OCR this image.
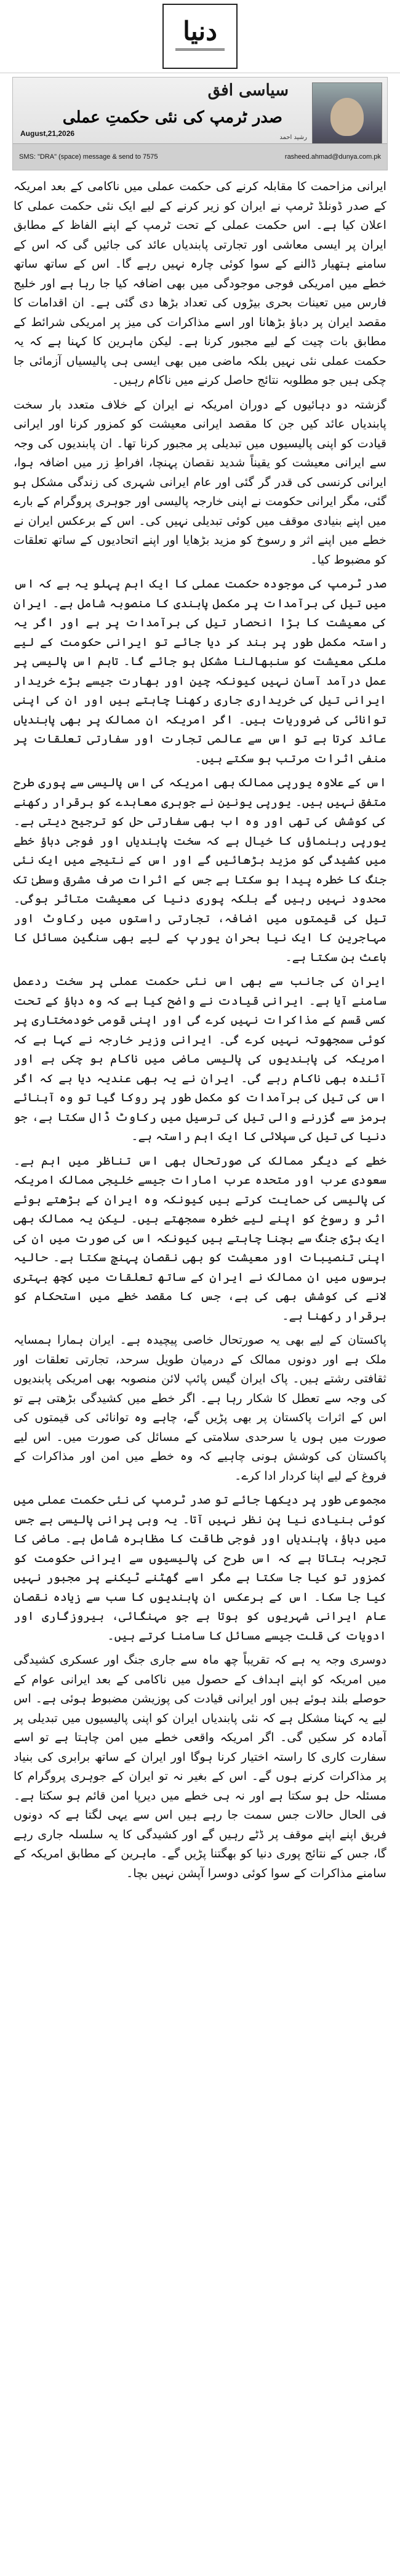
دنیا
سیاسی افق
صدر ٹرمپ کی نئی حکمتِ عملی
رشید احمد
August,21,2026
SMS: "DRA" (space) message & send to 7575	rasheed.ahmad@dunya.com.pk

ایرانی مزاحمت کا مقابلہ کرنے کی حکمت عملی میں ناکامی کے بعد امریکہ کے صدر ڈونلڈ ٹرمپ نے ایران کو زیر کرنے کے لیے ایک نئی حکمت عملی کا اعلان کیا ہے۔ اس حکمت عملی کے تحت ٹرمپ کے اپنے الفاظ کے مطابق ایران پر ایسی معاشی اور تجارتی پابندیاں عائد کی جائیں گی کہ اس کے سامنے ہتھیار ڈالنے کے سوا کوئی چارہ نہیں رہے گا۔ اس کے ساتھ ساتھ خطے میں امریکی فوجی موجودگی میں بھی اضافہ کیا جا رہا ہے اور خلیج فارس میں تعینات بحری بیڑوں کی تعداد بڑھا دی گئی ہے۔ ان اقدامات کا مقصد ایران پر دباؤ بڑھانا اور اسے مذاکرات کی میز پر امریکی شرائط کے مطابق بات چیت کے لیے مجبور کرنا ہے۔ لیکن ماہرین کا کہنا ہے کہ یہ حکمت عملی نئی نہیں بلکہ ماضی میں بھی ایسی ہی پالیسیاں آزمائی جا چکی ہیں جو مطلوبہ نتائج حاصل کرنے میں ناکام رہیں۔

گزشتہ دو دہائیوں کے دوران امریکہ نے ایران کے خلاف متعدد بار سخت پابندیاں عائد کیں جن کا مقصد ایرانی معیشت کو کمزور کرنا اور ایرانی قیادت کو اپنی پالیسیوں میں تبدیلی پر مجبور کرنا تھا۔ ان پابندیوں کی وجہ سے ایرانی معیشت کو یقیناً شدید نقصان پہنچا، افراطِ زر میں اضافہ ہوا، ایرانی کرنسی کی قدر گر گئی اور عام ایرانی شہری کی زندگی مشکل ہو گئی، مگر ایرانی حکومت نے اپنی خارجہ پالیسی اور جوہری پروگرام کے بارے میں اپنے بنیادی موقف میں کوئی تبدیلی نہیں کی۔ اس کے برعکس ایران نے خطے میں اپنے اثر و رسوخ کو مزید بڑھایا اور اپنے اتحادیوں کے ساتھ تعلقات کو مضبوط کیا۔

صدر ٹرمپ کی موجودہ حکمت عملی کا ایک اہم پہلو یہ ہے کہ اس میں تیل کی برآمدات پر مکمل پابندی کا منصوبہ شامل ہے۔ ایران کی معیشت کا بڑا انحصار تیل کی برآمدات پر ہے اور اگر یہ راستہ مکمل طور پر بند کر دیا جائے تو ایرانی حکومت کے لیے ملکی معیشت کو سنبھالنا مشکل ہو جائے گا۔ تاہم اس پالیسی پر عمل درآمد آسان نہیں کیونکہ چین اور بھارت جیسے بڑے خریدار ایرانی تیل کی خریداری جاری رکھنا چاہتے ہیں اور ان کی اپنی توانائی کی ضروریات ہیں۔ اگر امریکہ ان ممالک پر بھی پابندیاں عائد کرتا ہے تو اس سے عالمی تجارت اور سفارتی تعلقات پر منفی اثرات مرتب ہو سکتے ہیں۔

اس کے علاوہ یورپی ممالک بھی امریکہ کی اس پالیسی سے پوری طرح متفق نہیں ہیں۔ یورپی یونین نے جوہری معاہدے کو برقرار رکھنے کی کوشش کی تھی اور وہ اب بھی سفارتی حل کو ترجیح دیتی ہے۔ یورپی رہنماؤں کا خیال ہے کہ سخت پابندیاں اور فوجی دباؤ خطے میں کشیدگی کو مزید بڑھائیں گے اور اس کے نتیجے میں ایک نئی جنگ کا خطرہ پیدا ہو سکتا ہے جس کے اثرات صرف مشرق وسطیٰ تک محدود نہیں رہیں گے بلکہ پوری دنیا کی معیشت متاثر ہوگی۔ تیل کی قیمتوں میں اضافہ، تجارتی راستوں میں رکاوٹ اور مہاجرین کا ایک نیا بحران یورپ کے لیے بھی سنگین مسائل کا باعث بن سکتا ہے۔

ایران کی جانب سے بھی اس نئی حکمت عملی پر سخت ردعمل سامنے آیا ہے۔ ایرانی قیادت نے واضح کیا ہے کہ وہ دباؤ کے تحت کسی قسم کے مذاکرات نہیں کرے گی اور اپنی قومی خودمختاری پر کوئی سمجھوتہ نہیں کرے گی۔ ایرانی وزیر خارجہ نے کہا ہے کہ امریکہ کی پابندیوں کی پالیسی ماضی میں ناکام ہو چکی ہے اور آئندہ بھی ناکام رہے گی۔ ایران نے یہ بھی عندیہ دیا ہے کہ اگر اس کی تیل کی برآمدات کو مکمل طور پر روکا گیا تو وہ آبنائے ہرمز سے گزرنے والی تیل کی ترسیل میں رکاوٹ ڈال سکتا ہے، جو دنیا کی تیل کی سپلائی کا ایک اہم راستہ ہے۔

خطے کے دیگر ممالک کی صورتحال بھی اس تناظر میں اہم ہے۔ سعودی عرب اور متحدہ عرب امارات جیسے خلیجی ممالک امریکہ کی پالیسی کی حمایت کرتے ہیں کیونکہ وہ ایران کے بڑھتے ہوئے اثر و رسوخ کو اپنے لیے خطرہ سمجھتے ہیں۔ لیکن یہ ممالک بھی ایک بڑی جنگ سے بچنا چاہتے ہیں کیونکہ اس کی صورت میں ان کی اپنی تنصیبات اور معیشت کو بھی نقصان پہنچ سکتا ہے۔ حالیہ برسوں میں ان ممالک نے ایران کے ساتھ تعلقات میں کچھ بہتری لانے کی کوشش بھی کی ہے، جس کا مقصد خطے میں استحکام کو برقرار رکھنا ہے۔

پاکستان کے لیے بھی یہ صورتحال خاصی پیچیدہ ہے۔ ایران ہمارا ہمسایہ ملک ہے اور دونوں ممالک کے درمیان طویل سرحد، تجارتی تعلقات اور ثقافتی رشتے ہیں۔ پاک ایران گیس پائپ لائن منصوبہ بھی امریکی پابندیوں کی وجہ سے تعطل کا شکار رہا ہے۔ اگر خطے میں کشیدگی بڑھتی ہے تو اس کے اثرات پاکستان پر بھی پڑیں گے، چاہے وہ توانائی کی قیمتوں کی صورت میں ہوں یا سرحدی سلامتی کے مسائل کی صورت میں۔ اس لیے پاکستان کی کوشش ہونی چاہیے کہ وہ خطے میں امن اور مذاکرات کے فروغ کے لیے اپنا کردار ادا کرے۔

مجموعی طور پر دیکھا جائے تو صدر ٹرمپ کی نئی حکمت عملی میں کوئی بنیادی نیا پن نظر نہیں آتا۔ یہ وہی پرانی پالیسی ہے جس میں دباؤ، پابندیاں اور فوجی طاقت کا مظاہرہ شامل ہے۔ ماضی کا تجربہ بتاتا ہے کہ اس طرح کی پالیسیوں سے ایرانی حکومت کو کمزور تو کیا جا سکتا ہے مگر اسے گھٹنے ٹیکنے پر مجبور نہیں کیا جا سکا۔ اس کے برعکس ان پابندیوں کا سب سے زیادہ نقصان عام ایرانی شہریوں کو ہوتا ہے جو مہنگائی، بیروزگاری اور ادویات کی قلت جیسے مسائل کا سامنا کرتے ہیں۔

دوسری وجہ یہ ہے کہ تقریباً چھ ماہ سے جاری جنگ اور عسکری کشیدگی میں امریکہ کو اپنے اہداف کے حصول میں ناکامی کے بعد ایرانی عوام کے حوصلے بلند ہوئے ہیں اور ایرانی قیادت کی پوزیشن مضبوط ہوئی ہے۔ اس لیے یہ کہنا مشکل ہے کہ نئی پابندیاں ایران کو اپنی پالیسیوں میں تبدیلی پر آمادہ کر سکیں گی۔ اگر امریکہ واقعی خطے میں امن چاہتا ہے تو اسے سفارت کاری کا راستہ اختیار کرنا ہوگا اور ایران کے ساتھ برابری کی بنیاد پر مذاکرات کرنے ہوں گے۔ اس کے بغیر نہ تو ایران کے جوہری پروگرام کا مسئلہ حل ہو سکتا ہے اور نہ ہی خطے میں دیرپا امن قائم ہو سکتا ہے۔ فی الحال حالات جس سمت جا رہے ہیں اس سے یہی لگتا ہے کہ دونوں فریق اپنے اپنے موقف پر ڈٹے رہیں گے اور کشیدگی کا یہ سلسلہ جاری رہے گا، جس کے نتائج پوری دنیا کو بھگتنا پڑیں گے۔ ماہرین کے مطابق امریکہ کے سامنے مذاکرات کے سوا کوئی دوسرا آپشن نہیں بچا۔
